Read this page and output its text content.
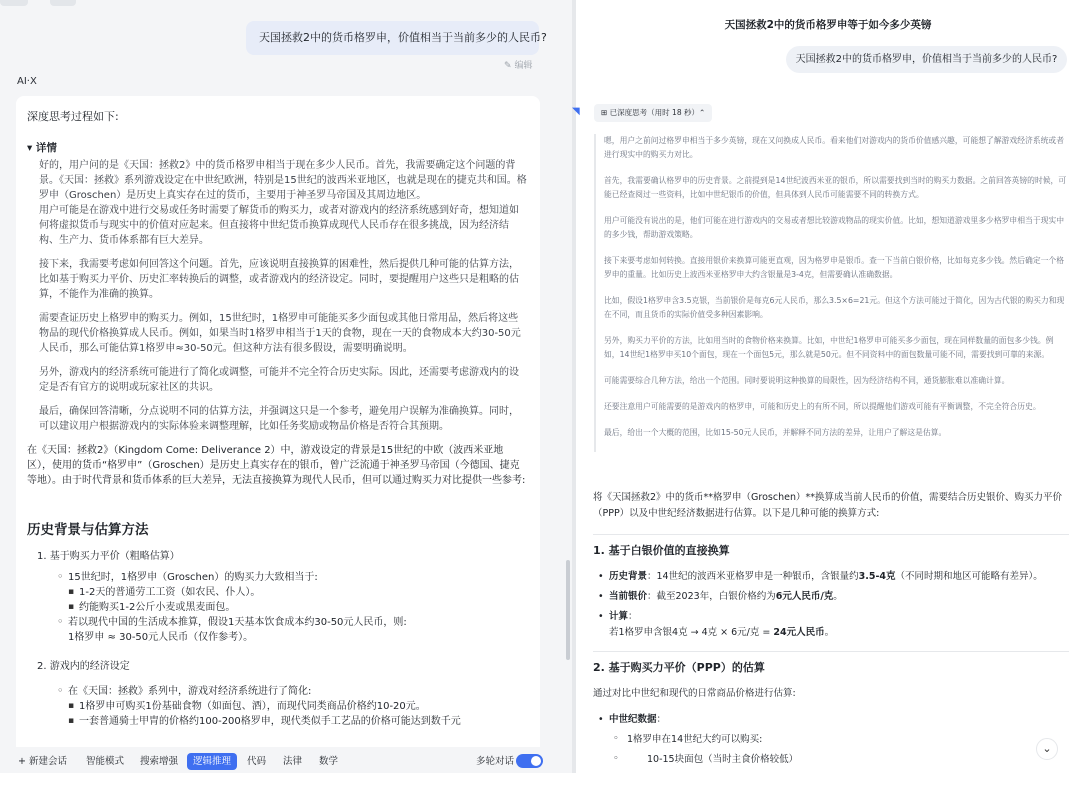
天国拯救2中的货币格罗申，价值相当于当前多少的人民币?
✎ 编辑
AI·X
深度思考过程如下:
▾ 详情

好的，用户问的是《天国：拯救2》中的货币格罗申相当于现在多少人民币。首先，我需要确定这个问题的背景。《天国：拯救》系列游戏设定在中世纪欧洲，特别是15世纪的波西米亚地区，也就是现在的捷克共和国。格罗申（Groschen）是历史上真实存在过的货币，主要用于神圣罗马帝国及其周边地区。
用户可能是在游戏中进行交易或任务时需要了解货币的购买力，或者对游戏内的经济系统感到好奇，想知道如何将虚拟货币与现实中的价值对应起来。但直接将中世纪货币换算成现代人民币存在很多挑战，因为经济结构、生产力、货币体系都有巨大差异。

接下来，我需要考虑如何回答这个问题。首先，应该说明直接换算的困难性，然后提供几种可能的估算方法，比如基于购买力平价、历史汇率转换后的调整，或者游戏内的经济设定。同时，要提醒用户这些只是粗略的估算，不能作为准确的换算。

需要查证历史上格罗申的购买力。例如，15世纪时，1格罗申可能能买多少面包或其他日常用品，然后将这些物品的现代价格换算成人民币。例如，如果当时1格罗申相当于1天的食物，现在一天的食物成本大约30-50元人民币，那么可能估算1格罗申≈30-50元。但这种方法有很多假设，需要明确说明。

另外，游戏内的经济系统可能进行了简化或调整，可能并不完全符合历史实际。因此，还需要考虑游戏内的设定是否有官方的说明或玩家社区的共识。

最后，确保回答清晰，分点说明不同的估算方法，并强调这只是一个参考，避免用户误解为准确换算。同时，可以建议用户根据游戏内的实际体验来调整理解，比如任务奖励或物品价格是否符合其预期。

在《天国：拯救2》（Kingdom Come: Deliverance 2）中，游戏设定的背景是15世纪的中欧（波西米亚地区），使用的货币“格罗申”（Groschen）是历史上真实存在的银币，曾广泛流通于神圣罗马帝国（今德国、捷克等地）。由于时代背景和货币体系的巨大差异，无法直接换算为现代人民币，但可以通过购买力对比提供一些参考:
历史背景与估算方法
1. 基于购买力平价（粗略估算）
◦ 15世纪时，1格罗申（Groschen）的购买力大致相当于:
▪ 1-2天的普通劳工工资（如农民、仆人）。
▪ 约能购买1-2公斤小麦或黑麦面包。
◦ 若以现代中国的生活成本推算，假设1天基本饮食成本约30-50元人民币，则:
1格罗申 ≈ 30-50元人民币（仅作参考）。
2. 游戏内的经济设定
◦ 在《天国：拯救》系列中，游戏对经济系统进行了简化:
▪ 1格罗申可购买1份基础食物（如面包、酒），而现代同类商品价格约10-20元。
▪ 一套普通骑士甲胄的价格约100-200格罗申，现代类似手工艺品的价格可能达到数千元
+ 新建会话	智能模式	搜索增强	逻辑推理	代码	法律	数学	多轮对话
天国拯救2中的货币格罗申等于如今多少英镑
天国拯救2中的货币格罗申，价值相当于当前多少的人民币?
◥	⊞ 已深度思考（用时 18 秒）⌃

嗯，用户之前问过格罗申相当于多少英镑，现在又问换成人民币。看来他们对游戏内的货币价值感兴趣，可能想了解游戏经济系统或者进行现实中的购买力对比。

首先，我需要确认格罗申的历史背景。之前提到是14世纪波西米亚的银币，所以需要找到当时的购买力数据。之前回答英镑的时候，可能已经查阅过一些资料，比如中世纪银币的价值，但具体到人民币可能需要不同的转换方式。

用户可能没有说出的是，他们可能在进行游戏内的交易或者想比较游戏物品的现实价值。比如，想知道游戏里多少格罗申相当于现实中的多少钱，帮助游戏策略。

接下来要考虑如何转换。直接用银价来换算可能更直观，因为格罗申是银币。查一下当前白银价格，比如每克多少钱。然后确定一个格罗申的重量。比如历史上波西米亚格罗申大约含银量是3-4克，但需要确认准确数据。

比如，假设1格罗申含3.5克银，当前银价是每克6元人民币，那么3.5×6=21元。但这个方法可能过于简化，因为古代银的购买力和现在不同，而且货币的实际价值受多种因素影响。

另外，购买力平价的方法，比如用当时的食物价格来换算。比如，中世纪1格罗申可能买多少面包，现在同样数量的面包多少钱。例如，14世纪1格罗申买10个面包，现在一个面包5元，那么就是50元。但不同资料中的面包数量可能不同，需要找到可靠的来源。

可能需要综合几种方法，给出一个范围。同时要说明这种换算的局限性，因为经济结构不同，通货膨胀难以准确计算。

还要注意用户可能需要的是游戏内的格罗申，可能和历史上的有所不同，所以提醒他们游戏可能有平衡调整，不完全符合历史。

最后，给出一个大概的范围，比如15-50元人民币，并解释不同方法的差异，让用户了解这是估算。

将《天国拯救2》中的货币**格罗申（Groschen）**换算成当前人民币的价值，需要结合历史银价、购买力平价（PPP）以及中世纪经济数据进行估算。以下是几种可能的换算方式:
1. 基于白银价值的直接换算
• 历史背景：14世纪的波西米亚格罗申是一种银币，含银量约3.5-4克（不同时期和地区可能略有差异）。
• 当前银价：截至2023年，白银价格约为6元人民币/克。
• 计算：
若1格罗申含银4克 → 4克 × 6元/克 = 24元人民币。
2. 基于购买力平价（PPP）的估算
通过对比中世纪和现代的日常商品价格进行估算:
• 中世纪数据：
◦ 1格罗申在14世纪大约可以购买:
◦ 10-15块面包（当时主食价格较低）
⌄
